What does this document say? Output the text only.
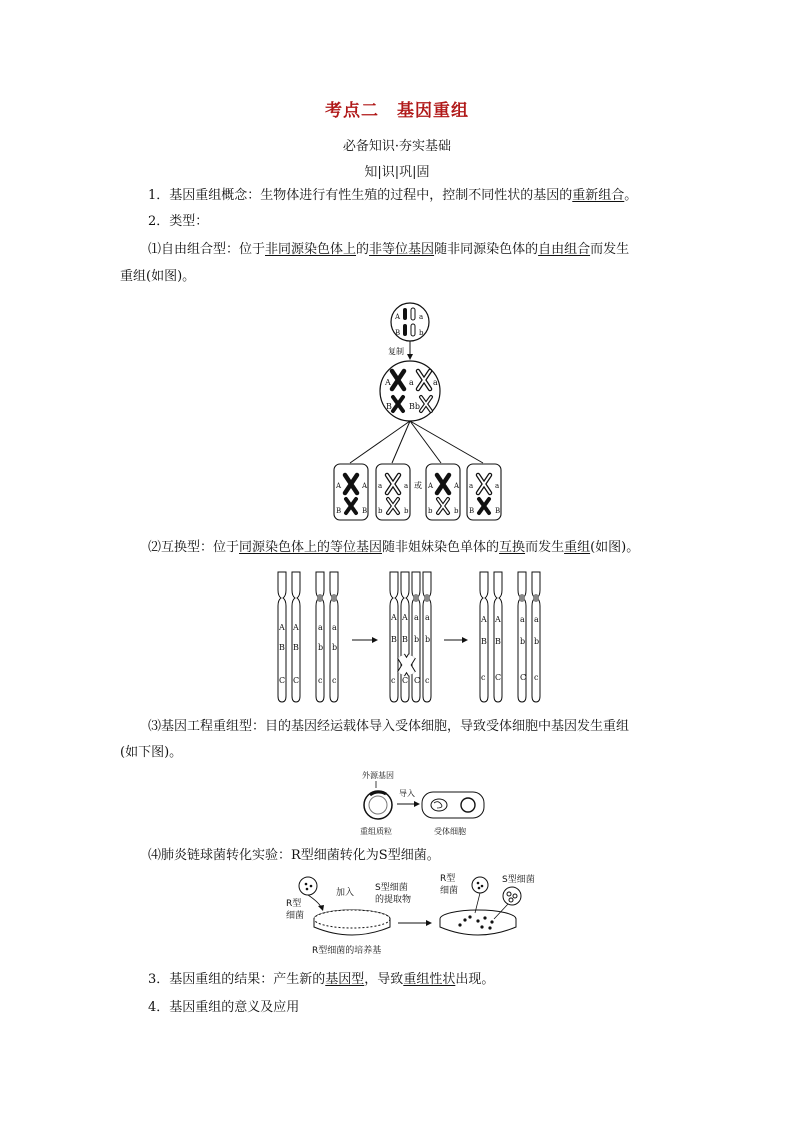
考点二 基因重组
必备知识·夯实基础
知|识|巩|固
1．基因重组概念：生物体进行有性生殖的过程中，控制不同性状的基因的重新组合。
2．类型：
⑴自由组合型：位于非同源染色体上的非等位基因随非同源染色体的自由组合而发生
重组(如图)。
A	a
B	b
复制
A a a
B Bb
A	A
B	B
a	a
b	b
或 A	A
b	b
a	a
B	B
⑵互换型：位于同源染色体上的等位基因随非姐妹染色单体的互换而发生重组(如图)。
A A a a
B B b b
C C c c
A A a a
B B b b
c C C c
A A a a
B B b b
c C C c
⑶基因工程重组型：目的基因经运载体导入受体细胞，导致受体细胞中基因发生重组
(如下图)。
外源基因
导入
重组质粒	受体细胞
⑷肺炎链球菌转化实验：R型细菌转化为S型细菌。
R型
细菌
加入 S型细菌
的提取物
R型细菌的培养基
R型
细菌
S型细菌
3．基因重组的结果：产生新的基因型，导致重组性状出现。
4．基因重组的意义及应用
